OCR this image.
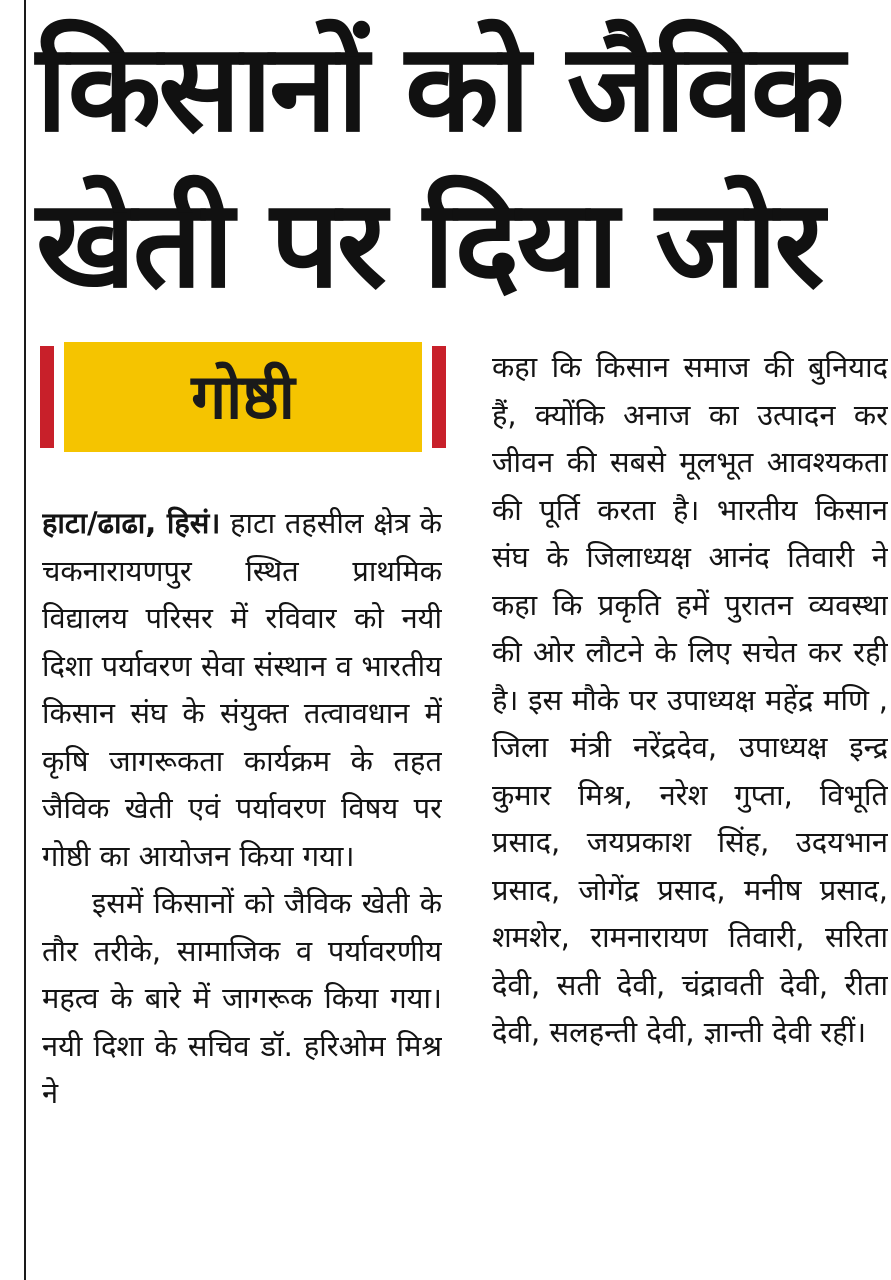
किसानों को जैविक
खेती पर दिया जोर
गोष्ठी

हाटा/ढाढा, हिसं। हाटा तहसील क्षेत्र के चकनारायणपुर स्थित प्राथमिक विद्यालय परिसर में रविवार को नयी दिशा पर्यावरण सेवा संस्थान व भारतीय किसान संघ के संयुक्त तत्वावधान में कृषि जागरूकता कार्यक्रम के तहत जैविक खेती एवं पर्यावरण विषय पर गोष्ठी का आयोजन किया गया।

इसमें किसानों को जैविक खेती के तौर तरीके, सामाजिक व पर्यावरणीय महत्व के बारे में जागरूक किया गया। नयी दिशा के सचिव डॉ. हरिओम मिश्र ने

कहा कि किसान समाज की बुनियाद हैं, क्योंकि अनाज का उत्पादन कर जीवन की सबसे मूलभूत आवश्यकता की पूर्ति करता है। भारतीय किसान संघ के जिलाध्यक्ष आनंद तिवारी ने कहा कि प्रकृति हमें पुरातन व्यवस्था की ओर लौटने के लिए सचेत कर रही है। इस मौके पर उपाध्यक्ष महेंद्र मणि , जिला मंत्री नरेंद्रदेव, उपाध्यक्ष इन्द्र कुमार मिश्र, नरेश गुप्ता, विभूति प्रसाद, जयप्रकाश सिंह, उदयभान प्रसाद, जोगेंद्र प्रसाद, मनीष प्रसाद, शमशेर, रामनारायण तिवारी, सरिता देवी, सती देवी, चंद्रावती देवी, रीता देवी, सलहन्ती देवी, ज्ञान्ती देवी रहीं।
